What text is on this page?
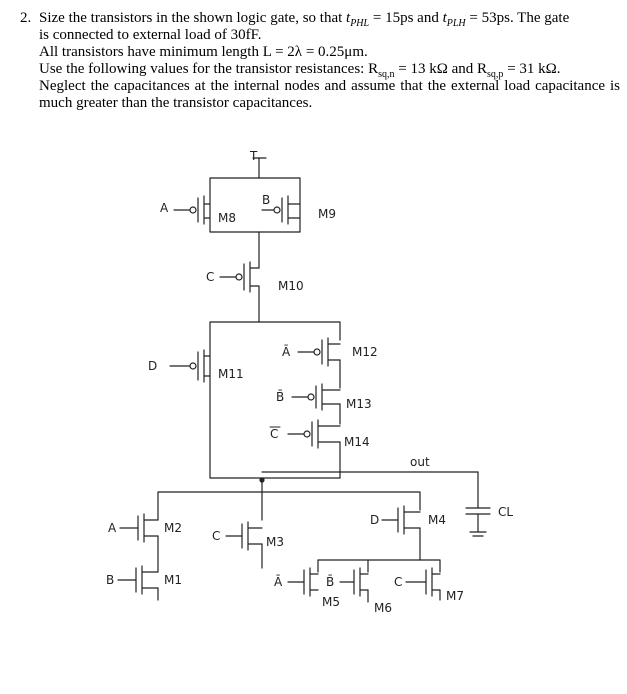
2. Size the transistors in the shown logic gate, so that $t_{PHL} = 15ps$ and $t_{PLH} = 53ps$. The gate

is connected to external load of 30fF.

All transistors have minimum length L = 2λ = 0.25μm.

Use the following values for the transistor resistances: $R_{sq,n} = 13$ kΩ and $R_{sq,p} = 31$ kΩ.

Neglect the capacitances at the internal nodes and assume that the external load capacitance is much greater than the transistor capacitances.

T
A
M8
B
M9
C
M10
D
M11
Ā	M12
B̄	M13
C
M14
out
CL
A	M2
C	M3
B	M1
D	M4
Ā	B̄	C
M5	M6
M7
